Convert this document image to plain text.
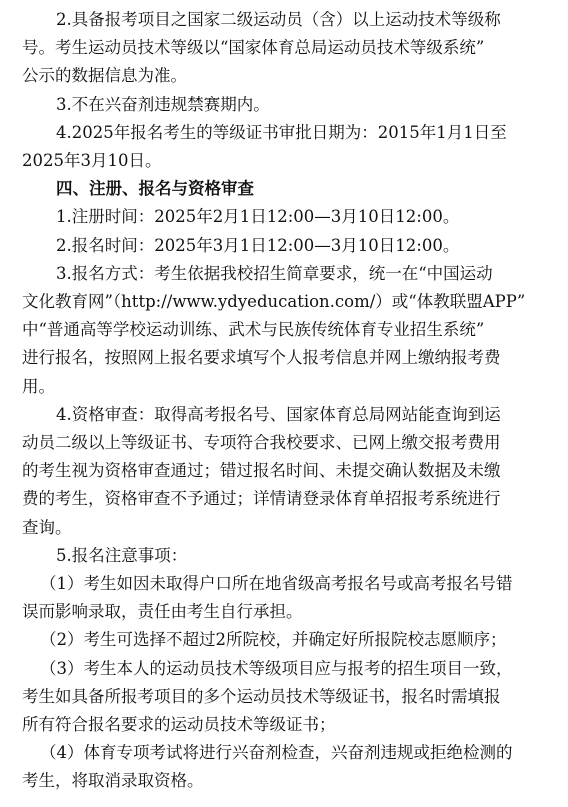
2.具备报考项目之国家二级运动员（含）以上运动技术等级称
号。考生运动员技术等级以“国家体育总局运动员技术等级系统”
公示的数据信息为准。
3.不在兴奋剂违规禁赛期内。
4.2025年报名考生的等级证书审批日期为：2015年1月1日至
2025年3月10日。
四、注册、报名与资格审查
1.注册时间：2025年2月1日12:00—3月10日12:00。
2.报名时间：2025年3月1日12:00—3月10日12:00。
3.报名方式：考生依据我校招生简章要求，统一在“中国运动
文化教育网”（http://www.ydyeducation.com/）或“体教联盟APP”
中“普通高等学校运动训练、武术与民族传统体育专业招生系统”
进行报名，按照网上报名要求填写个人报考信息并网上缴纳报考费
用。
4.资格审查：取得高考报名号、国家体育总局网站能查询到运
动员二级以上等级证书、专项符合我校要求、已网上缴交报考费用
的考生视为资格审查通过；错过报名时间、未提交确认数据及未缴
费的考生，资格审查不予通过；详情请登录体育单招报考系统进行
查询。
5.报名注意事项：
（1）考生如因未取得户口所在地省级高考报名号或高考报名号错
误而影响录取，责任由考生自行承担。
（2）考生可选择不超过2所院校，并确定好所报院校志愿顺序；
（3）考生本人的运动员技术等级项目应与报考的招生项目一致，
考生如具备所报考项目的多个运动员技术等级证书，报名时需填报
所有符合报名要求的运动员技术等级证书；
（4）体育专项考试将进行兴奋剂检查，兴奋剂违规或拒绝检测的
考生，将取消录取资格。
